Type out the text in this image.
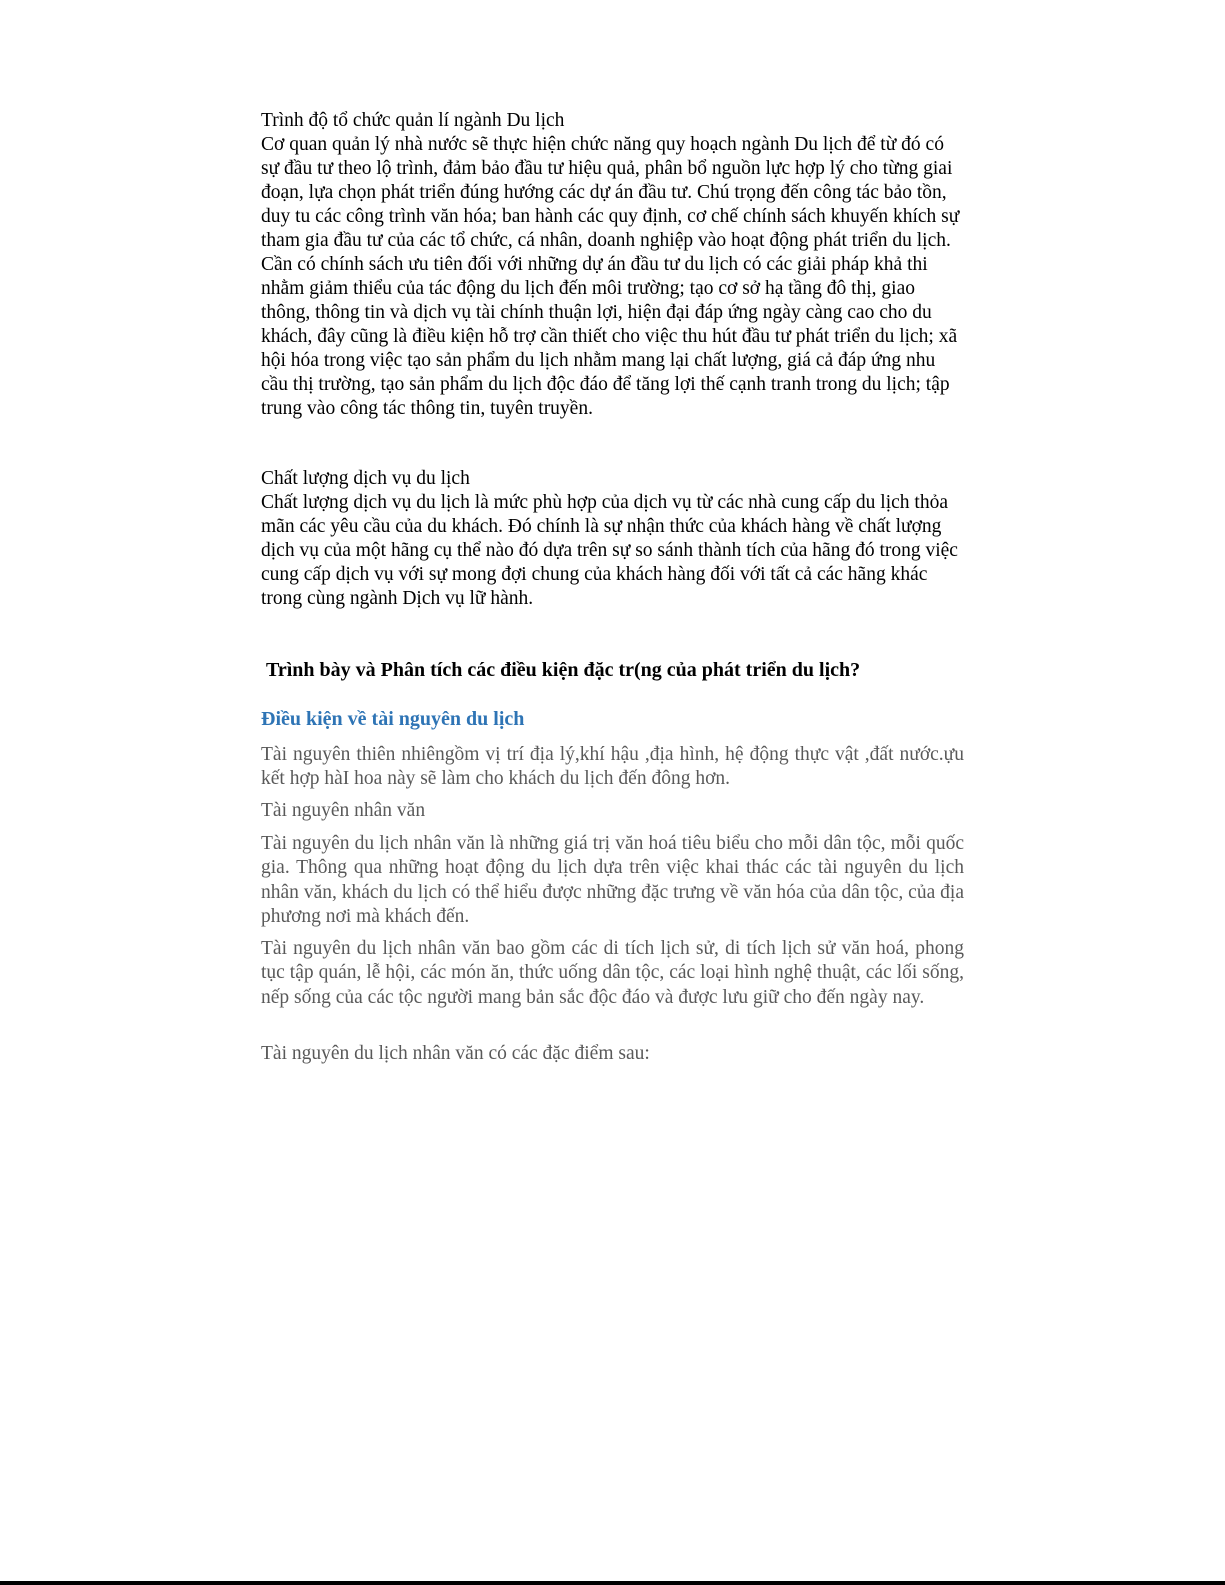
Trình độ tổ chức quản lí ngành Du lịch

Cơ quan quản lý nhà nước sẽ thực hiện chức năng quy hoạch ngành Du lịch để từ đó có sự đầu tư theo lộ trình, đảm bảo đầu tư hiệu quả, phân bổ nguồn lực hợp lý cho từng giai đoạn, lựa chọn phát triển đúng hướng các dự án đầu tư. Chú trọng đến công tác bảo tồn, duy tu các công trình văn hóa; ban hành các quy định, cơ chế chính sách khuyến khích sự tham gia đầu tư của các tổ chức, cá nhân, doanh nghiệp vào hoạt động phát triển du lịch. Cần có chính sách ưu tiên đối với những dự án đầu tư du lịch có các giải pháp khả thi nhằm giảm thiểu của tác động du lịch đến môi trường; tạo cơ sở hạ tầng đô thị, giao thông, thông tin và dịch vụ tài chính thuận lợi, hiện đại đáp ứng ngày càng cao cho du khách, đây cũng là điều kiện hỗ trợ cần thiết cho việc thu hút đầu tư phát triển du lịch; xã hội hóa trong việc tạo sản phẩm du lịch nhằm mang lại chất lượng, giá cả đáp ứng nhu cầu thị trường, tạo sản phẩm du lịch độc đáo để tăng lợi thế cạnh tranh trong du lịch; tập trung vào công tác thông tin, tuyên truyền.

Chất lượng dịch vụ du lịch

Chất lượng dịch vụ du lịch là mức phù hợp của dịch vụ từ các nhà cung cấp du lịch thỏa mãn các yêu cầu của du khách. Đó chính là sự nhận thức của khách hàng về chất lượng dịch vụ của một hãng cụ thể nào đó dựa trên sự so sánh thành tích của hãng đó trong việc cung cấp dịch vụ với sự mong đợi chung của khách hàng đối với tất cả các hãng khác trong cùng ngành Dịch vụ lữ hành.

Trình bày và Phân tích các điều kiện đặc tr(ng của phát triển du lịch?
Điều kiện về tài nguyên du lịch
Tài nguyên thiên nhiêngồm vị trí địa lý,khí hậu ,địa hình, hệ động thực vật ,đất nước.ựu kết hợp hàI hoa này sẽ làm cho khách du lịch đến đông hơn.
Tài nguyên nhân văn
Tài nguyên du lịch nhân văn là những giá trị văn hoá tiêu biểu cho mỗi dân tộc, mỗi quốc gia. Thông qua những hoạt động du lịch dựa trên việc khai thác các tài nguyên du lịch nhân văn, khách du lịch có thể hiểu được những đặc trưng về văn hóa của dân tộc, của địa phương nơi mà khách đến.
Tài nguyên du lịch nhân văn bao gồm các di tích lịch sử, di tích lịch sử văn hoá, phong tục tập quán, lễ hội, các món ăn, thức uống dân tộc, các loại hình nghệ thuật, các lối sống, nếp sống của các tộc người mang bản sắc độc đáo và được lưu giữ cho đến ngày nay.
Tài nguyên du lịch nhân văn có các đặc điểm sau:
